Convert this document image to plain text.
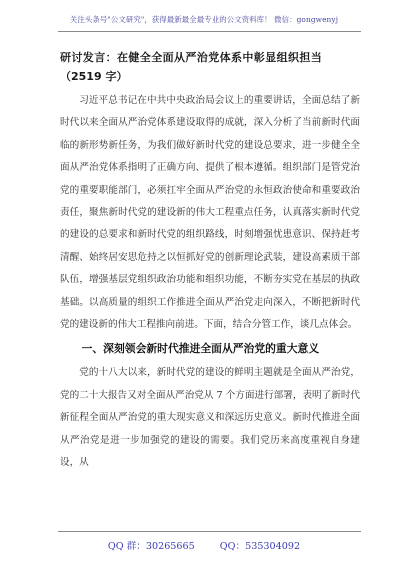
关注头条号"公文研究"，获得最新最全最专业的公文资料库！ 微信：gongwenyj

研讨发言：在健全全面从严治党体系中彰显组织担当

（2519 字）

习近平总书记在中共中央政治局会议上的重要讲话，全面总结了新时代以来全面从严治党体系建设取得的成就，深入分析了当前新时代面临的新形势新任务，为我们做好新时代党的建设总要求，进一步健全全面从严治党体系指明了正确方向、提供了根本遵循。组织部门是管党治党的重要职能部门，必须扛牢全面从严治党的永恒政治使命和重要政治责任，聚焦新时代党的建设新的伟大工程重点任务，认真落实新时代党的建设的总要求和新时代党的组织路线，时刻增强忧患意识、保持赶考清醒、始终居安思危持之以恒抓好党的创新理论武装，建设高素质干部队伍，增强基层党组织政治功能和组织功能，不断夯实党在基层的执政基础。以高质量的组织工作推进全面从严治党走向深入，不断把新时代党的建设新的伟大工程推向前进。下面，结合分管工作，谈几点体会。

一、深刻领会新时代推进全面从严治党的重大意义

党的十八大以来，新时代党的建设的鲜明主题就是全面从严治党，党的二十大报告又对全面从严治党从 7 个方面进行部署，表明了新时代新征程全面从严治党的重大现实意义和深远历史意义。新时代推进全面从严治党是进一步加强党的建设的需要。我们党历来高度重视自身建设，从

QQ 群：30265665	QQ：535304092
